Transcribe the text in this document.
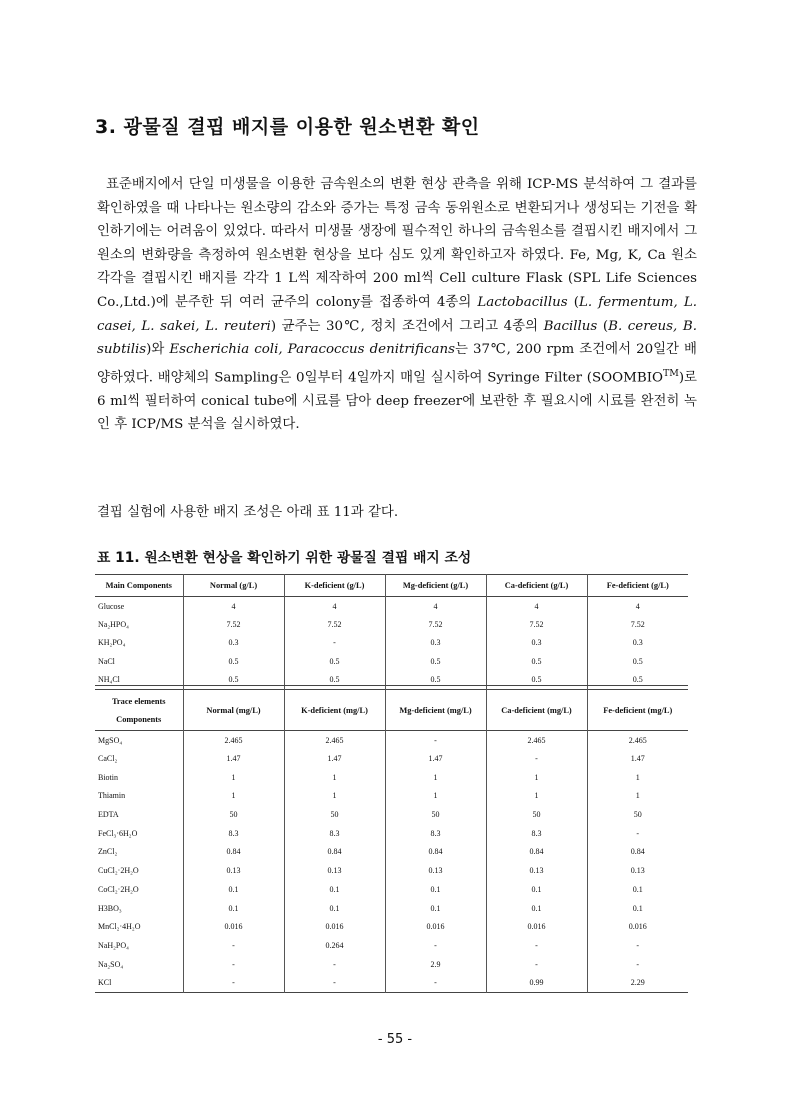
3. 광물질 결핍 배지를 이용한 원소변환 확인

표준배지에서 단일 미생물을 이용한 금속원소의 변환 현상 관측을 위해 ICP-MS 분석하여 그 결과를 확인하였을 때 나타나는 원소량의 감소와 증가는 특정 금속 동위원소로 변환되거나 생성되는 기전을 확인하기에는 어려움이 있었다. 따라서 미생물 생장에 필수적인 하나의 금속원소를 결핍시킨 배지에서 그 원소의 변화량을 측정하여 원소변환 현상을 보다 심도 있게 확인하고자 하였다. Fe, Mg, K, Ca 원소 각각을 결핍시킨 배지를 각각 1 L씩 제작하여 200 ml씩 Cell culture Flask (SPL Life Sciences Co.,Ltd.)에 분주한 뒤 여러 균주의 colony를 접종하여 4종의 Lactobacillus (L. fermentum, L. casei, L. sakei, L. reuteri) 균주는 30℃, 정치 조건에서 그리고 4종의 Bacillus (B. cereus, B. subtilis)와 Escherichia coli, Paracoccus denitrificans는 37℃, 200 rpm 조건에서 20일간 배양하였다. 배양체의 Sampling은 0일부터 4일까지 매일 실시하여 Syringe Filter (SOOMBIO™)로 6 ml씩 필터하여 conical tube에 시료를 담아 deep freezer에 보관한 후 필요시에 시료를 완전히 녹인 후 ICP/MS 분석을 실시하였다.

결핍 실험에 사용한 배지 조성은 아래 표 11과 같다.

표 11. 원소변환 현상을 확인하기 위한 광물질 결핍 배지 조성

Main Components	Normal (g/L)	K-deficient (g/L)	Mg-deficient (g/L)	Ca-deficient (g/L)	Fe-deficient (g/L)
Glucose	4	4	4	4	4
Na₂HPO₄	7.52	7.52	7.52	7.52	7.52
KH₂PO₄	0.3	-	0.3	0.3	0.3
NaCl	0.5	0.5	0.5	0.5	0.5
NH₄Cl	0.5	0.5	0.5	0.5	0.5
Trace elements

Components	Normal (mg/L)	K-deficient (mg/L)	Mg-deficient (mg/L)	Ca-deficient (mg/L)	Fe-deficient (mg/L)
MgSO₄	2.465	2.465	-	2.465	2.465
CaCl₂	1.47	1.47	1.47	-	1.47
Biotin	1	1	1	1	1
Thiamin	1	1	1	1	1
EDTA	50	50	50	50	50
FeCl₃·6H₂O	8.3	8.3	8.3	8.3	-
ZnCl₂	0.84	0.84	0.84	0.84	0.84
CuCl₂·2H₂O	0.13	0.13	0.13	0.13	0.13
CoCl₂·2H₂O	0.1	0.1	0.1	0.1	0.1
H3BO₃	0.1	0.1	0.1	0.1	0.1
MnCl₂·4H₂O	0.016	0.016	0.016	0.016	0.016
NaH₂PO₄	-	0.264	-	-	-
Na₂SO₄	-	-	2.9	-	-
KCl	-	-	-	0.99	2.29
- 55 -
